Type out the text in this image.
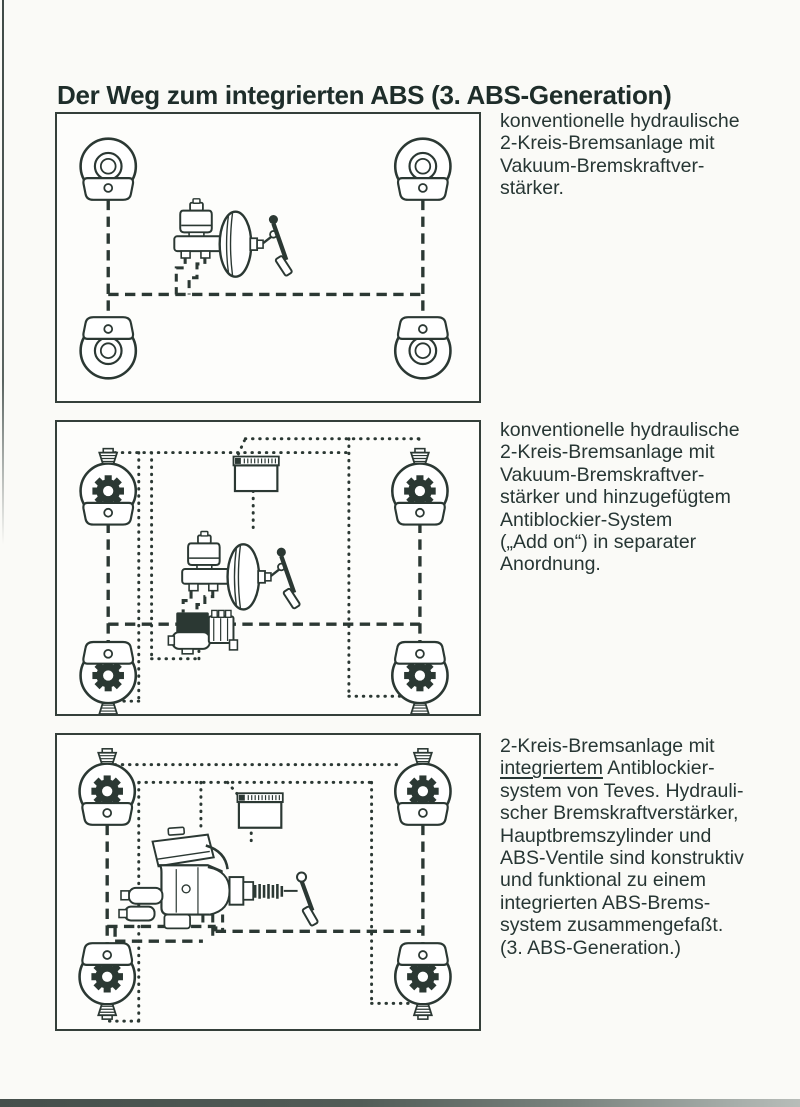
Der Weg zum integrierten ABS (3. ABS-Generation)
konventionelle hydraulische
2-Kreis-Bremsanlage mit
Vakuum-Bremskraftver-
stärker.
konventionelle hydraulische
2-Kreis-Bremsanlage mit
Vakuum-Bremskraftver-
stärker und hinzugefügtem
Antiblockier-System
(„Add on“) in separater
Anordnung.
2-Kreis-Bremsanlage mit
integriertem Antiblockier-
system von Teves. Hydrauli-
scher Bremskraftverstärker,
Hauptbremszylinder und
ABS-Ventile sind konstruktiv
und funktional zu einem
integrierten ABS-Brems-
system zusammengefaßt.
(3. ABS-Generation.)
